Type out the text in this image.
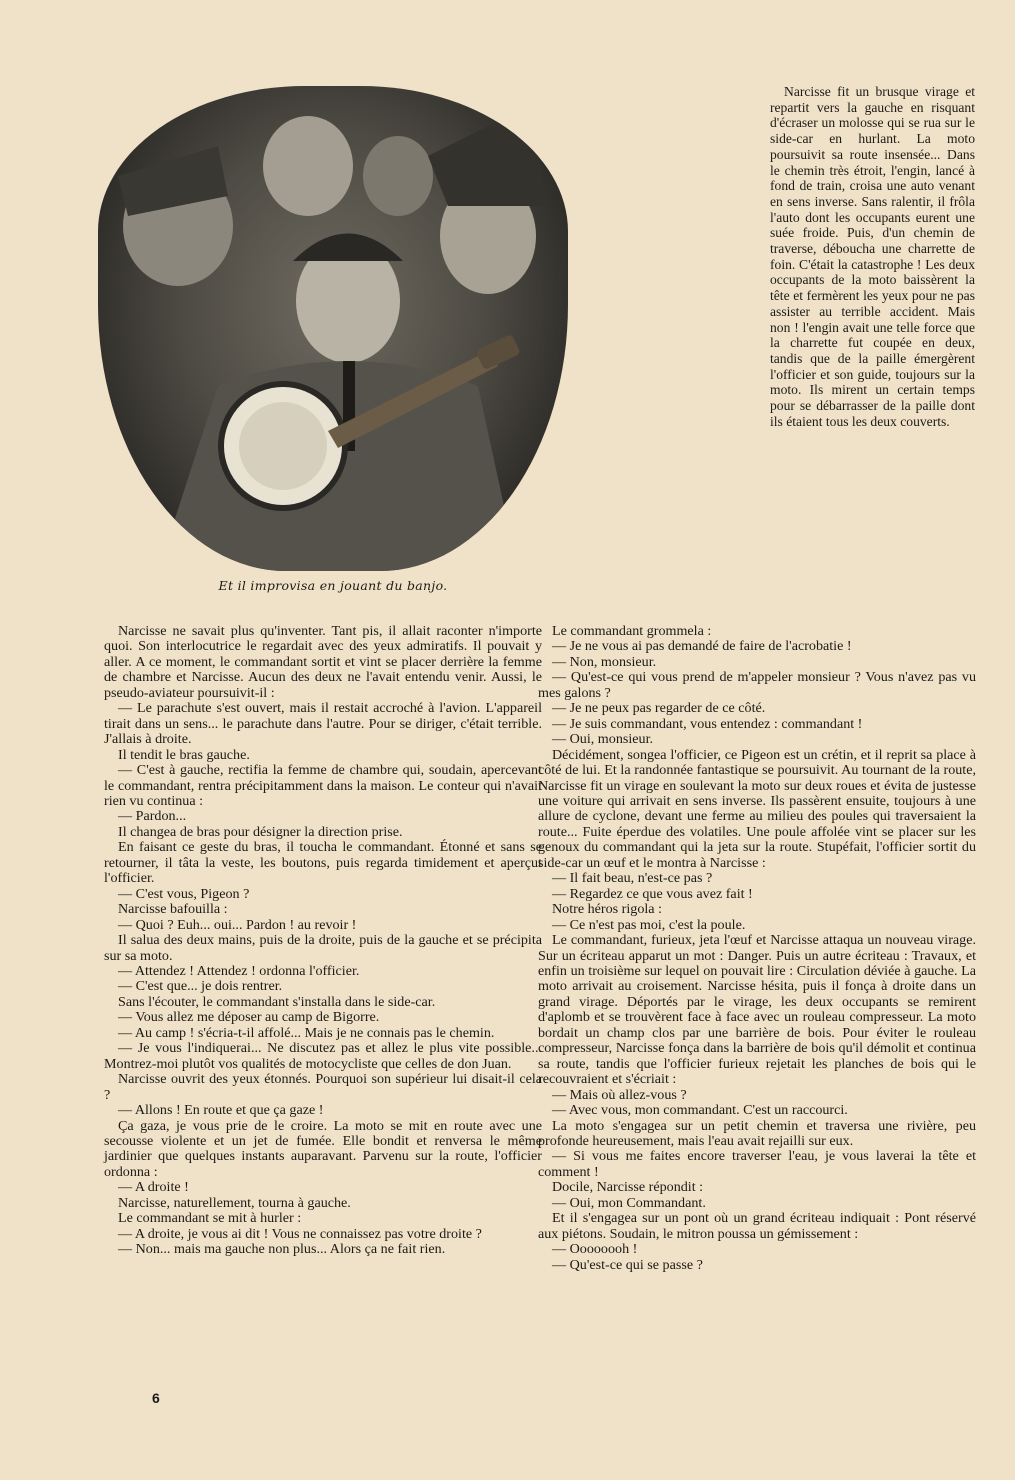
Et il improvisa en jouant du banjo.

Narcisse fit un brusque virage et repartit vers la gauche en risquant d'écraser un molosse qui se rua sur le side-car en hurlant. La moto poursuivit sa route insensée... Dans le chemin très étroit, l'engin, lancé à fond de train, croisa une auto venant en sens inverse. Sans ralentir, il frôla l'auto dont les occupants eurent une suée froide. Puis, d'un chemin de traverse, déboucha une charrette de foin. C'était la catastrophe ! Les deux occupants de la moto baissèrent la tête et fermèrent les yeux pour ne pas assister au terrible accident. Mais non ! l'engin avait une telle force que la charrette fut coupée en deux, tandis que de la paille émergèrent l'officier et son guide, toujours sur la moto. Ils mirent un certain temps pour se débarrasser de la paille dont ils étaient tous les deux couverts.

Narcisse ne savait plus qu'inventer. Tant pis, il allait raconter n'importe quoi. Son interlocutrice le regardait avec des yeux admiratifs. Il pouvait y aller. A ce moment, le commandant sortit et vint se placer derrière la femme de chambre et Narcisse. Aucun des deux ne l'avait entendu venir. Aussi, le pseudo-aviateur poursuivit-il :

— Le parachute s'est ouvert, mais il restait accroché à l'avion. L'appareil tirait dans un sens... le parachute dans l'autre. Pour se diriger, c'était terrible. J'allais à droite.

Il tendit le bras gauche.

— C'est à gauche, rectifia la femme de chambre qui, soudain, apercevant le commandant, rentra précipitamment dans la maison. Le conteur qui n'avait rien vu continua :

— Pardon...

Il changea de bras pour désigner la direction prise.

En faisant ce geste du bras, il toucha le commandant. Étonné et sans se retourner, il tâta la veste, les boutons, puis regarda timidement et aperçut l'officier.

— C'est vous, Pigeon ?

Narcisse bafouilla :

— Quoi ? Euh... oui... Pardon ! au revoir !

Il salua des deux mains, puis de la droite, puis de la gauche et se précipita sur sa moto.

— Attendez ! Attendez ! ordonna l'officier.

— C'est que... je dois rentrer.

Sans l'écouter, le commandant s'installa dans le side-car.

— Vous allez me déposer au camp de Bigorre.

— Au camp ! s'écria-t-il affolé... Mais je ne connais pas le chemin.

— Je vous l'indiquerai... Ne discutez pas et allez le plus vite possible... Montrez-moi plutôt vos qualités de motocycliste que celles de don Juan.

Narcisse ouvrit des yeux étonnés. Pourquoi son supérieur lui disait-il cela ?

— Allons ! En route et que ça gaze !

Ça gaza, je vous prie de le croire. La moto se mit en route avec une secousse violente et un jet de fumée. Elle bondit et renversa le même jardinier que quelques instants auparavant. Parvenu sur la route, l'officier ordonna :

— A droite !

Narcisse, naturellement, tourna à gauche.

Le commandant se mit à hurler :

— A droite, je vous ai dit ! Vous ne connaissez pas votre droite ?

— Non... mais ma gauche non plus... Alors ça ne fait rien.

Le commandant grommela :

— Je ne vous ai pas demandé de faire de l'acrobatie !

— Non, monsieur.

— Qu'est-ce qui vous prend de m'appeler monsieur ? Vous n'avez pas vu mes galons ?

— Je ne peux pas regarder de ce côté.

— Je suis commandant, vous entendez : commandant !

— Oui, monsieur.

Décidément, songea l'officier, ce Pigeon est un crétin, et il reprit sa place à côté de lui. Et la randonnée fantastique se poursuivit. Au tournant de la route, Narcisse fit un virage en soulevant la moto sur deux roues et évita de justesse une voiture qui arrivait en sens inverse. Ils passèrent ensuite, toujours à une allure de cyclone, devant une ferme au milieu des poules qui traversaient la route... Fuite éperdue des volatiles. Une poule affolée vint se placer sur les genoux du commandant qui la jeta sur la route. Stupéfait, l'officier sortit du side-car un œuf et le montra à Narcisse :

— Il fait beau, n'est-ce pas ?

— Regardez ce que vous avez fait !

Notre héros rigola :

— Ce n'est pas moi, c'est la poule.

Le commandant, furieux, jeta l'œuf et Narcisse attaqua un nouveau virage. Sur un écriteau apparut un mot : Danger. Puis un autre écriteau : Travaux, et enfin un troisième sur lequel on pouvait lire : Circulation déviée à gauche. La moto arrivait au croisement. Narcisse hésita, puis il fonça à droite dans un grand virage. Déportés par le virage, les deux occupants se remirent d'aplomb et se trouvèrent face à face avec un rouleau compresseur. La moto bordait un champ clos par une barrière de bois. Pour éviter le rouleau compresseur, Narcisse fonça dans la barrière de bois qu'il démolit et continua sa route, tandis que l'officier furieux rejetait les planches de bois qui le recouvraient et s'écriait :

— Mais où allez-vous ?

— Avec vous, mon commandant. C'est un raccourci.

La moto s'engagea sur un petit chemin et traversa une rivière, peu profonde heureusement, mais l'eau avait rejailli sur eux.

— Si vous me faites encore traverser l'eau, je vous laverai la tête et comment !

Docile, Narcisse répondit :

— Oui, mon Commandant.

Et il s'engagea sur un pont où un grand écriteau indiquait : Pont réservé aux piétons. Soudain, le mitron poussa un gémissement :

— Oooooooh !

— Qu'est-ce qui se passe ?

6
